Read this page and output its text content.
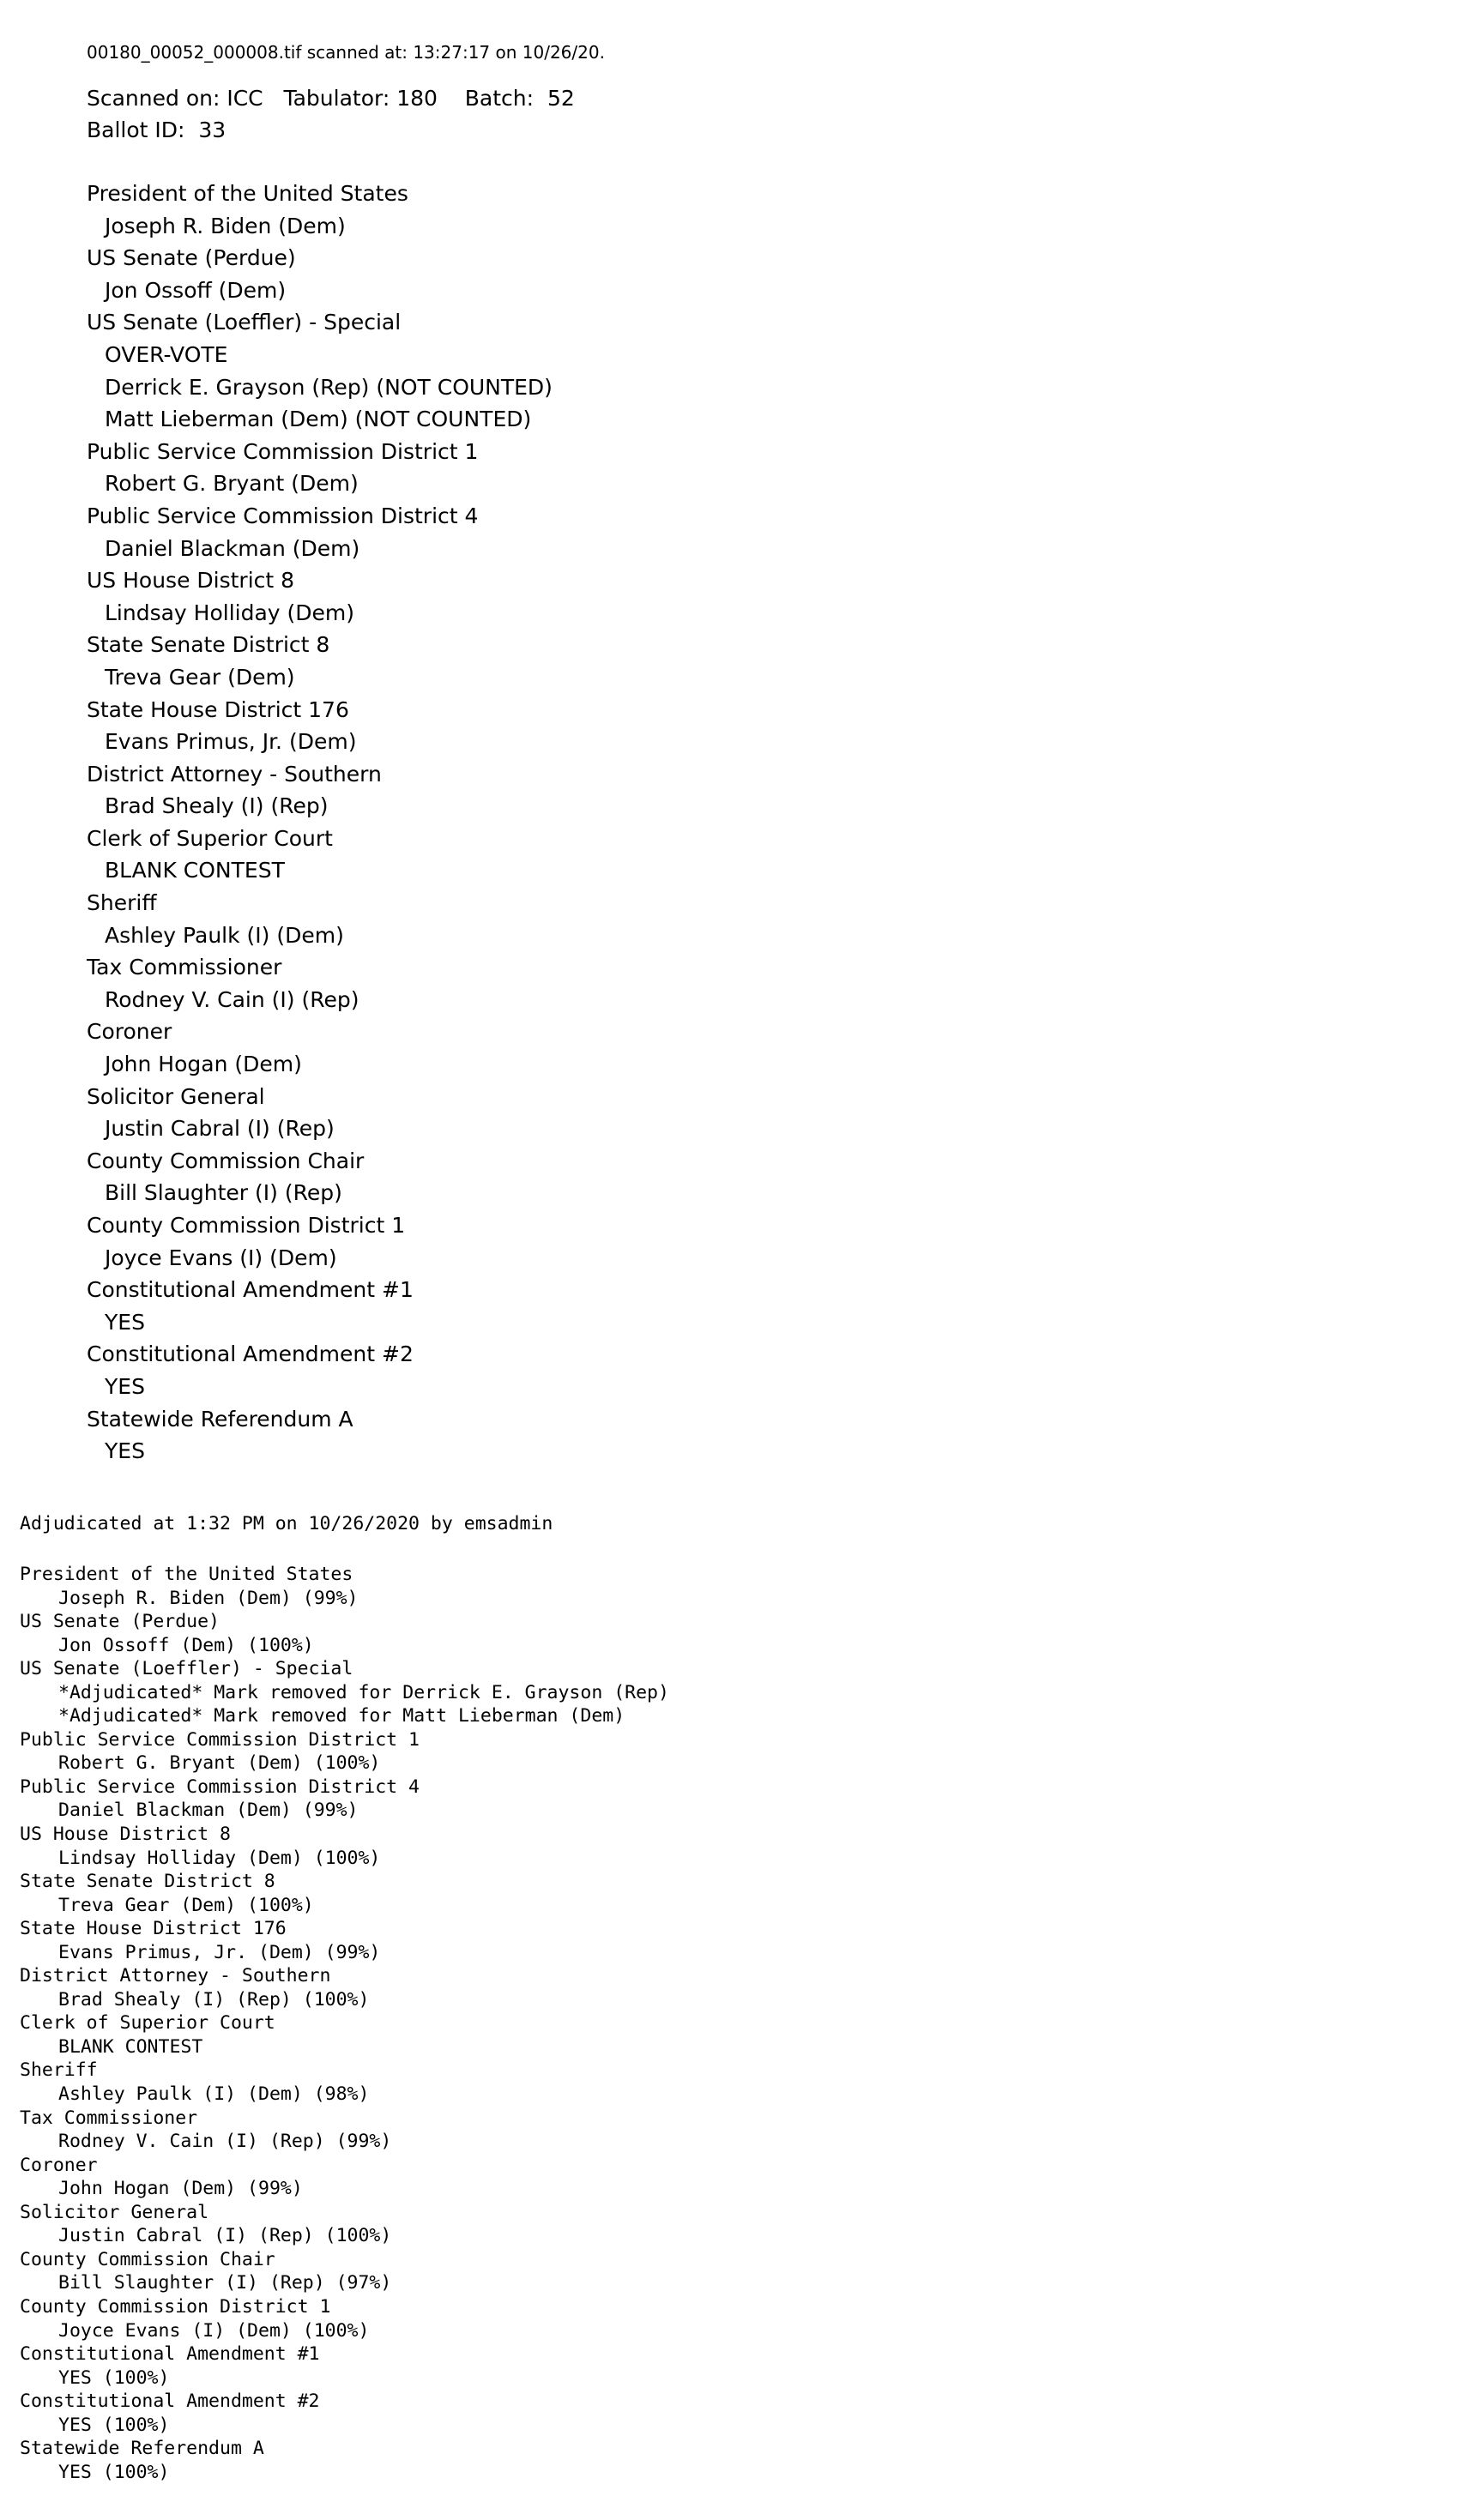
00180_00052_000008.tif scanned at: 13:27:17 on 10/26/20.
Scanned on: ICC Tabulator: 180 Batch: 52
Ballot ID: 33
President of the United States
Joseph R. Biden (Dem)
US Senate (Perdue)
Jon Ossoff (Dem)
US Senate (Loeffler) - Special
OVER-VOTE
Derrick E. Grayson (Rep) (NOT COUNTED)
Matt Lieberman (Dem) (NOT COUNTED)
Public Service Commission District 1
Robert G. Bryant (Dem)
Public Service Commission District 4
Daniel Blackman (Dem)
US House District 8
Lindsay Holliday (Dem)
State Senate District 8
Treva Gear (Dem)
State House District 176
Evans Primus, Jr. (Dem)
District Attorney - Southern
Brad Shealy (I) (Rep)
Clerk of Superior Court
BLANK CONTEST
Sheriff
Ashley Paulk (I) (Dem)
Tax Commissioner
Rodney V. Cain (I) (Rep)
Coroner
John Hogan (Dem)
Solicitor General
Justin Cabral (I) (Rep)
County Commission Chair
Bill Slaughter (I) (Rep)
County Commission District 1
Joyce Evans (I) (Dem)
Constitutional Amendment #1
YES
Constitutional Amendment #2
YES
Statewide Referendum A
YES
Adjudicated at 1:32 PM on 10/26/2020 by emsadmin
President of the United States
Joseph R. Biden (Dem) (99%)
US Senate (Perdue)
Jon Ossoff (Dem) (100%)
US Senate (Loeffler) - Special
*Adjudicated* Mark removed for Derrick E. Grayson (Rep)
*Adjudicated* Mark removed for Matt Lieberman (Dem)
Public Service Commission District 1
Robert G. Bryant (Dem) (100%)
Public Service Commission District 4
Daniel Blackman (Dem) (99%)
US House District 8
Lindsay Holliday (Dem) (100%)
State Senate District 8
Treva Gear (Dem) (100%)
State House District 176
Evans Primus, Jr. (Dem) (99%)
District Attorney - Southern
Brad Shealy (I) (Rep) (100%)
Clerk of Superior Court
BLANK CONTEST
Sheriff
Ashley Paulk (I) (Dem) (98%)
Tax Commissioner
Rodney V. Cain (I) (Rep) (99%)
Coroner
John Hogan (Dem) (99%)
Solicitor General
Justin Cabral (I) (Rep) (100%)
County Commission Chair
Bill Slaughter (I) (Rep) (97%)
County Commission District 1
Joyce Evans (I) (Dem) (100%)
Constitutional Amendment #1
YES (100%)
Constitutional Amendment #2
YES (100%)
Statewide Referendum A
YES (100%)
